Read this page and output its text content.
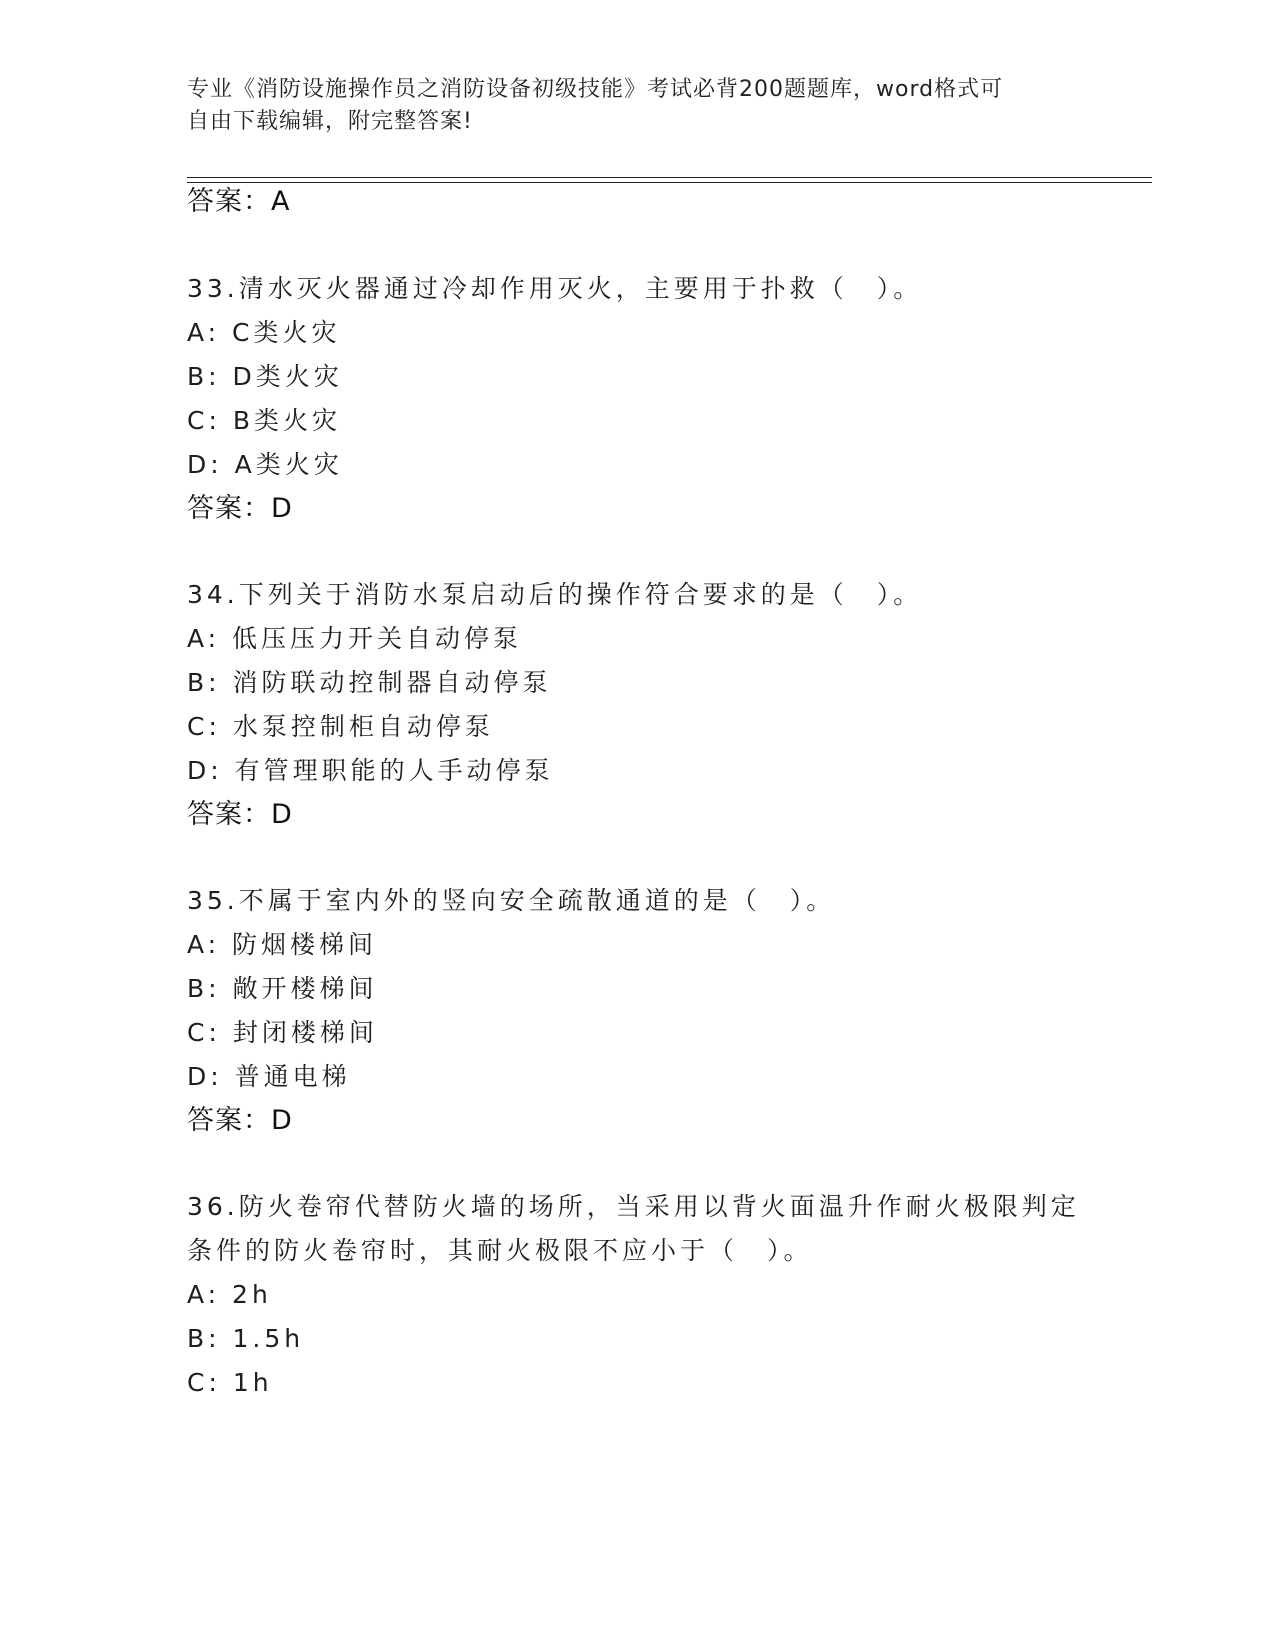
专业《消防设施操作员之消防设备初级技能》考试必背200题题库，word格式可
自由下载编辑，附完整答案!
答案：A
33.清水灭火器通过冷却作用灭火，主要用于扑救（　）。
A: C类火灾
B: D类火灾
C: B类火灾
D: A类火灾
答案：D
34.下列关于消防水泵启动后的操作符合要求的是（　）。
A: 低压压力开关自动停泵
B: 消防联动控制器自动停泵
C: 水泵控制柜自动停泵
D: 有管理职能的人手动停泵
答案：D
35.不属于室内外的竖向安全疏散通道的是（　）。
A: 防烟楼梯间
B: 敞开楼梯间
C: 封闭楼梯间
D: 普通电梯
答案：D
36.防火卷帘代替防火墙的场所，当采用以背火面温升作耐火极限判定
条件的防火卷帘时，其耐火极限不应小于（　）。
A: 2h
B: 1.5h
C: 1h
